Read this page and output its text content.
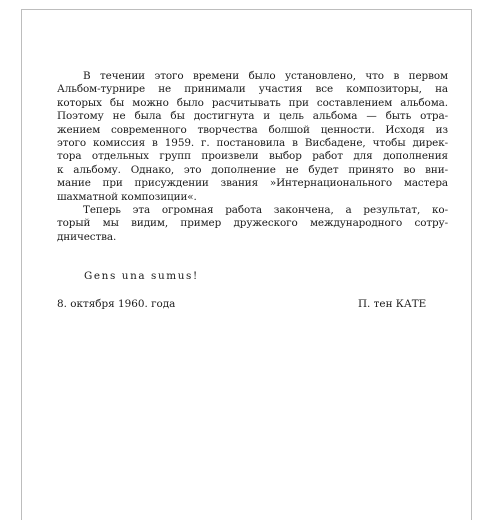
В течении этого времени было установлено, что в первом
Альбом-турнире не принимали участия все композиторы, на
которых бы можно было расчитывать при составлением альбома.
Поэтому не была бы достигнута и цель альбома — быть отра-
жением современного творчества болшой ценности. Исходя из
этого комиссия в 1959. г. постановила в Висбадене, чтобы дирек-
тора отдельных групп произвели выбор работ для дополнения
к альбому. Однако, это дополнение не будет принято во вни-
мание при присуждении звания »Интернационального мастера
шахматной композиции«.
Теперь эта огромная работа закончена, а результат, ко-
торый мы видим, пример дружеского международного сотру-
дничества.
Gens una sumus!
8. октября 1960. года	П. тен КАТЕ
